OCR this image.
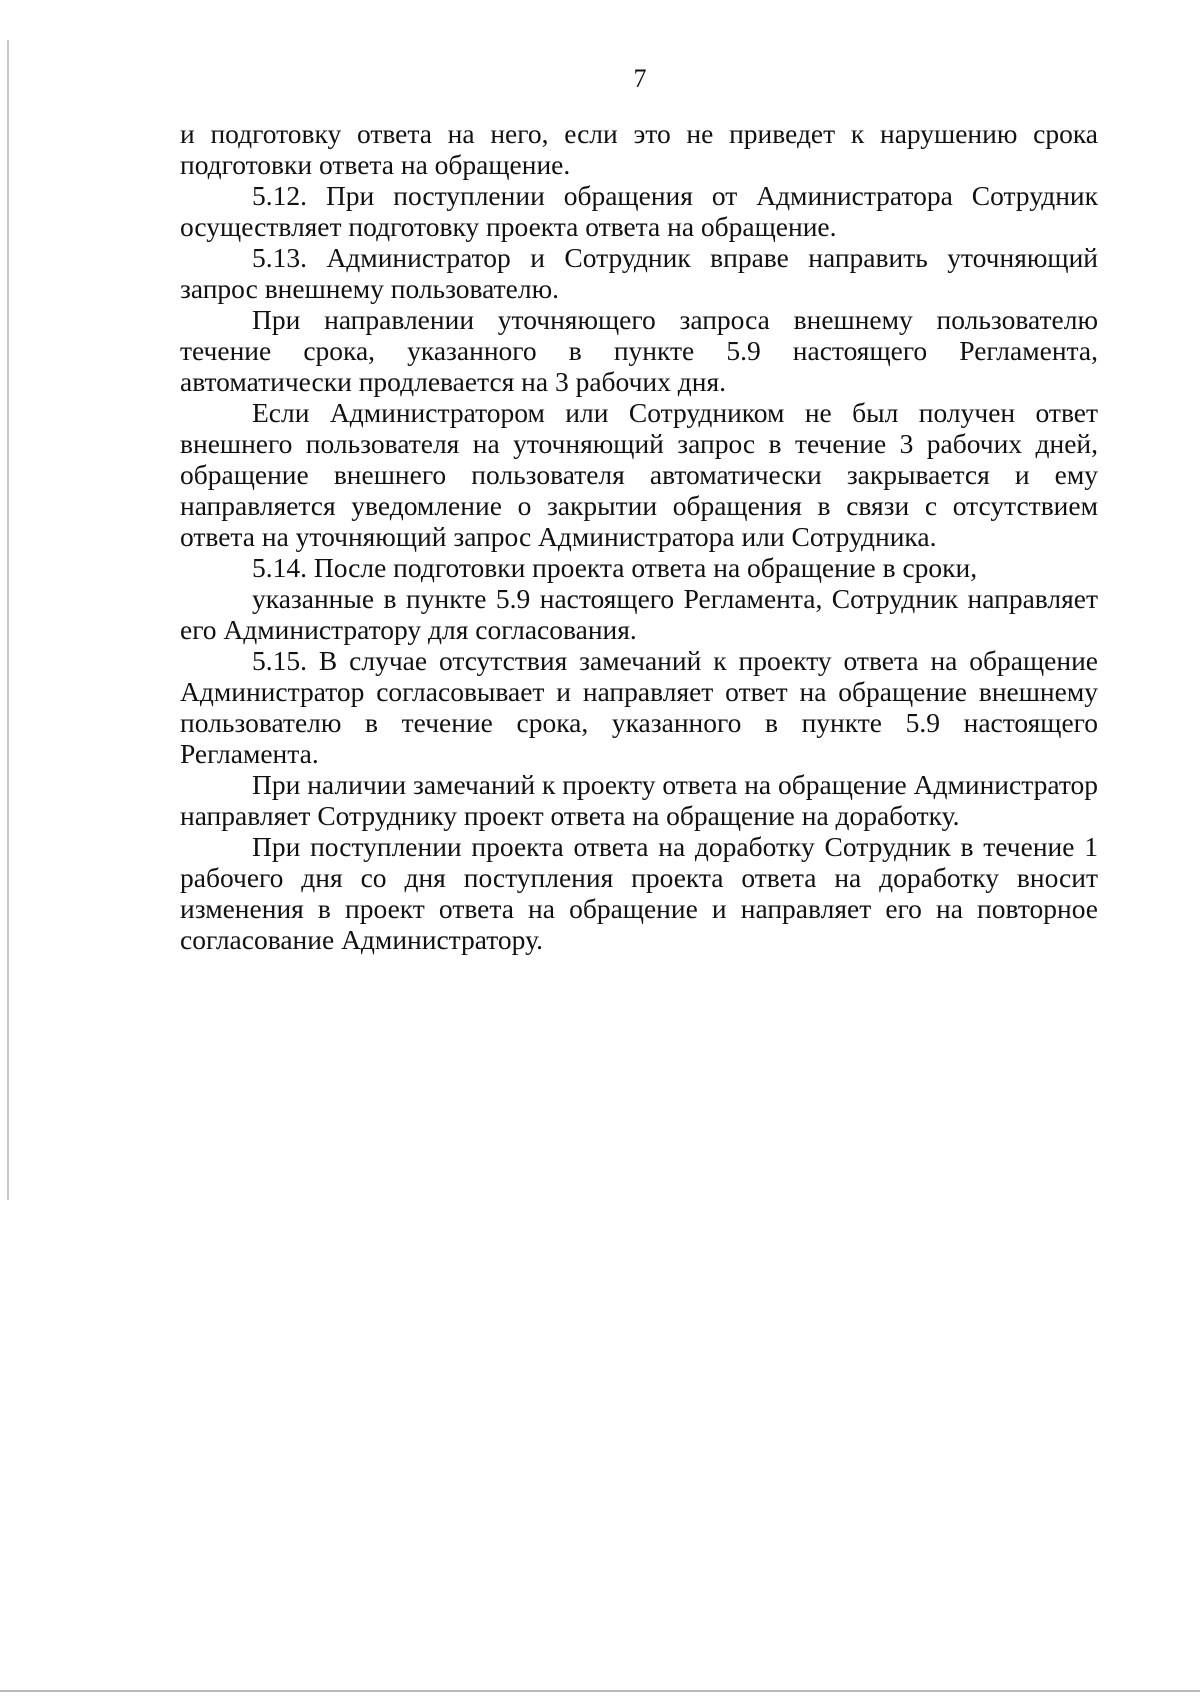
7

и подготовку ответа на него, если это не приведет к нарушению срока подготовки ответа на обращение.

5.12. При поступлении обращения от Администратора Сотрудник осуществляет подготовку проекта ответа на обращение.

5.13. Администратор и Сотрудник вправе направить уточняющий запрос внешнему пользователю.

При направлении уточняющего запроса внешнему пользователю течение срока, указанного в пункте 5.9 настоящего Регламента, автоматически продлевается на 3 рабочих дня.

Если Администратором или Сотрудником не был получен ответ внешнего пользователя на уточняющий запрос в течение 3 рабочих дней, обращение внешнего пользователя автоматически закрывается и ему направляется уведомление о закрытии обращения в связи с отсутствием ответа на уточняющий запрос Администратора или Сотрудника.

5.14. После подготовки проекта ответа на обращение в сроки,

указанные в пункте 5.9 настоящего Регламента, Сотрудник направляет его Администратору для согласования.

5.15. В случае отсутствия замечаний к проекту ответа на обращение Администратор согласовывает и направляет ответ на обращение внешнему пользователю в течение срока, указанного в пункте 5.9 настоящего Регламента.

При наличии замечаний к проекту ответа на обращение Администратор направляет Сотруднику проект ответа на обращение на доработку.

При поступлении проекта ответа на доработку Сотрудник в течение 1 рабочего дня со дня поступления проекта ответа на доработку вносит изменения в проект ответа на обращение и направляет его на повторное согласование Администратору.
